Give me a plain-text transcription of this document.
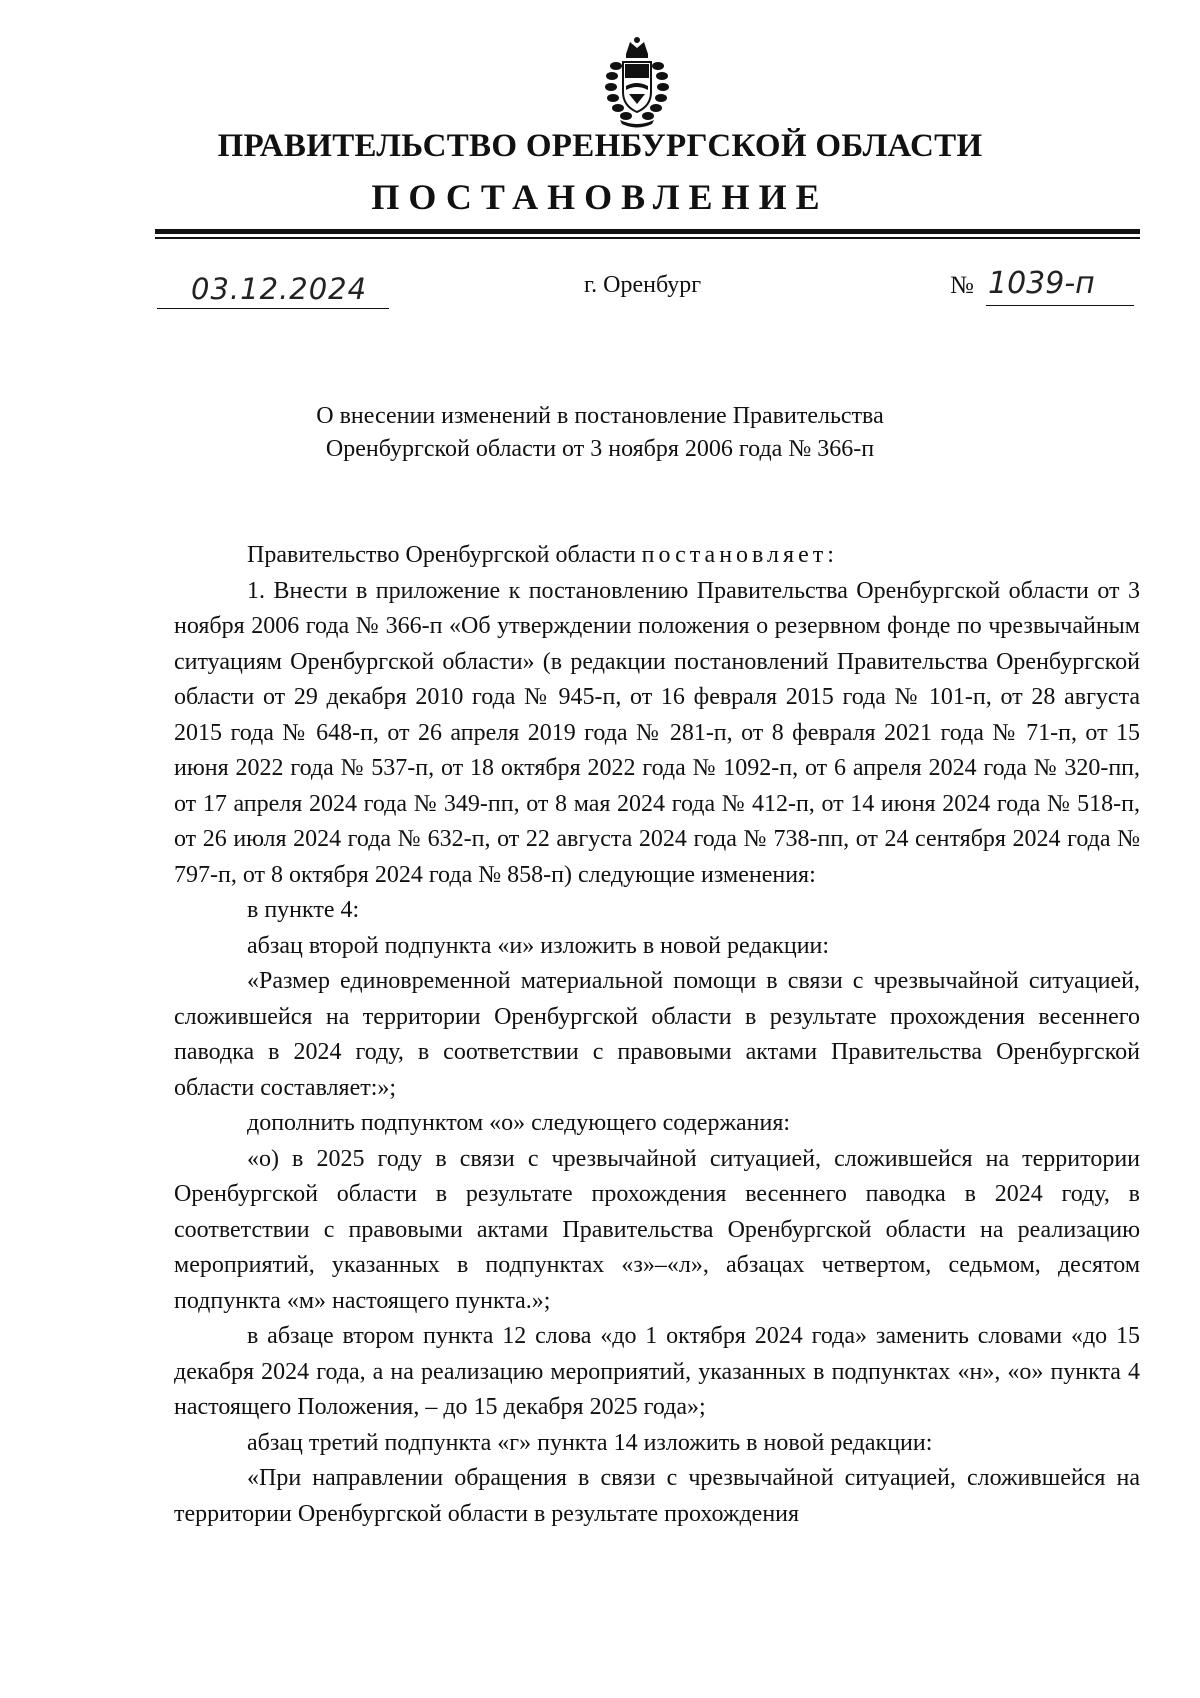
ПРАВИТЕЛЬСТВО ОРЕНБУРГСКОЙ ОБЛАСТИ
ПОСТАНОВЛЕНИЕ
03.12.2024	г. Оренбург	№ 1039-п
О внесении изменений в постановление Правительства
Оренбургской области от 3 ноября 2006 года № 366-п

Правительство Оренбургской области постановляет:

1. Внести в приложение к постановлению Правительства Оренбургской области от 3 ноября 2006 года № 366-п «Об утверждении положения о резервном фонде по чрезвычайным ситуациям Оренбургской области» (в редакции постановлений Правительства Оренбургской области от 29 декабря 2010 года № 945-п, от 16 февраля 2015 года № 101-п, от 28 августа 2015 года № 648-п, от 26 апреля 2019 года № 281-п, от 8 февраля 2021 года № 71-п, от 15 июня 2022 года № 537-п, от 18 октября 2022 года № 1092-п, от 6 апреля 2024 года № 320-пп, от 17 апреля 2024 года № 349-пп, от 8 мая 2024 года № 412-п, от 14 июня 2024 года № 518-п, от 26 июля 2024 года № 632-п, от 22 августа 2024 года № 738-пп, от 24 сентября 2024 года № 797-п, от 8 октября 2024 года № 858-п) следующие изменения:

в пункте 4:

абзац второй подпункта «и» изложить в новой редакции:

«Размер единовременной материальной помощи в связи с чрезвычайной ситуацией, сложившейся на территории Оренбургской области в результате прохождения весеннего паводка в 2024 году, в соответствии с правовыми актами Правительства Оренбургской области составляет:»;

дополнить подпунктом «о» следующего содержания:

«о) в 2025 году в связи с чрезвычайной ситуацией, сложившейся на территории Оренбургской области в результате прохождения весеннего паводка в 2024 году, в соответствии с правовыми актами Правительства Оренбургской области на реализацию мероприятий, указанных в подпунктах «з»–«л», абзацах четвертом, седьмом, десятом подпункта «м» настоящего пункта.»;

в абзаце втором пункта 12 слова «до 1 октября 2024 года» заменить словами «до 15 декабря 2024 года, а на реализацию мероприятий, указанных в подпунктах «н», «о» пункта 4 настоящего Положения, – до 15 декабря 2025 года»;

абзац третий подпункта «г» пункта 14 изложить в новой редакции:

«При направлении обращения в связи с чрезвычайной ситуацией, сложившейся на территории Оренбургской области в результате прохождения
